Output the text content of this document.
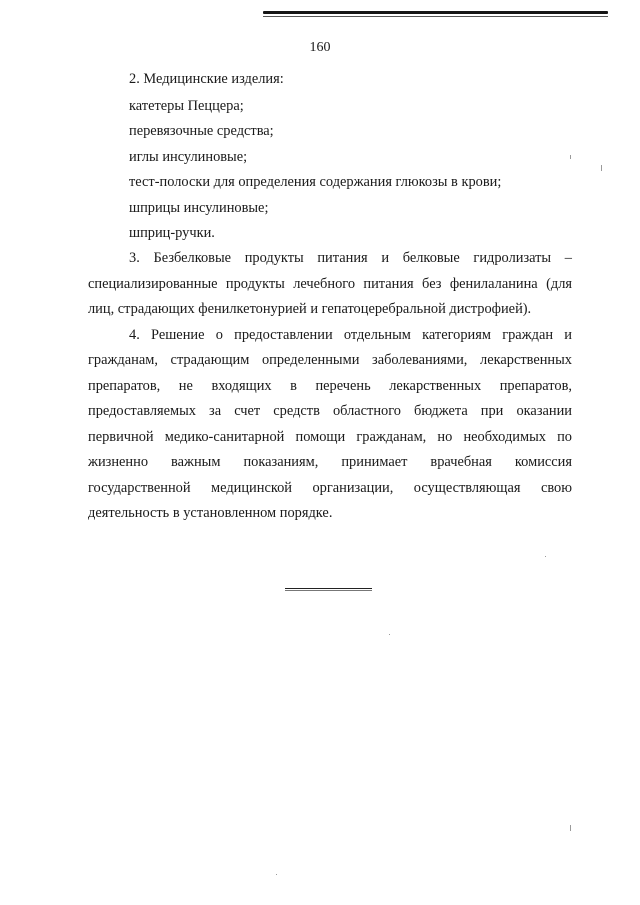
160
2. Медицинские изделия:
катетеры Пеццера;
перевязочные средства;
иглы инсулиновые;
тест-полоски для определения содержания глюкозы в крови;
шприцы инсулиновые;
шприц-ручки.
3. Безбелковые продукты питания и белковые гидролизаты –
специализированные продукты лечебного питания без фенилаланина (для
лиц, страдающих фенилкетонурией и гепатоцеребральной дистрофией).
4. Решение о предоставлении отдельным категориям граждан и
гражданам, страдающим определенными заболеваниями, лекарственных
препаратов, не входящих в перечень лекарственных препаратов,
предоставляемых за счет средств областного бюджета при оказании
первичной медико-санитарной помощи гражданам, но необходимых по
жизненно важным показаниям, принимает врачебная комиссия
государственной медицинской организации, осуществляющая свою
деятельность в установленном порядке.
